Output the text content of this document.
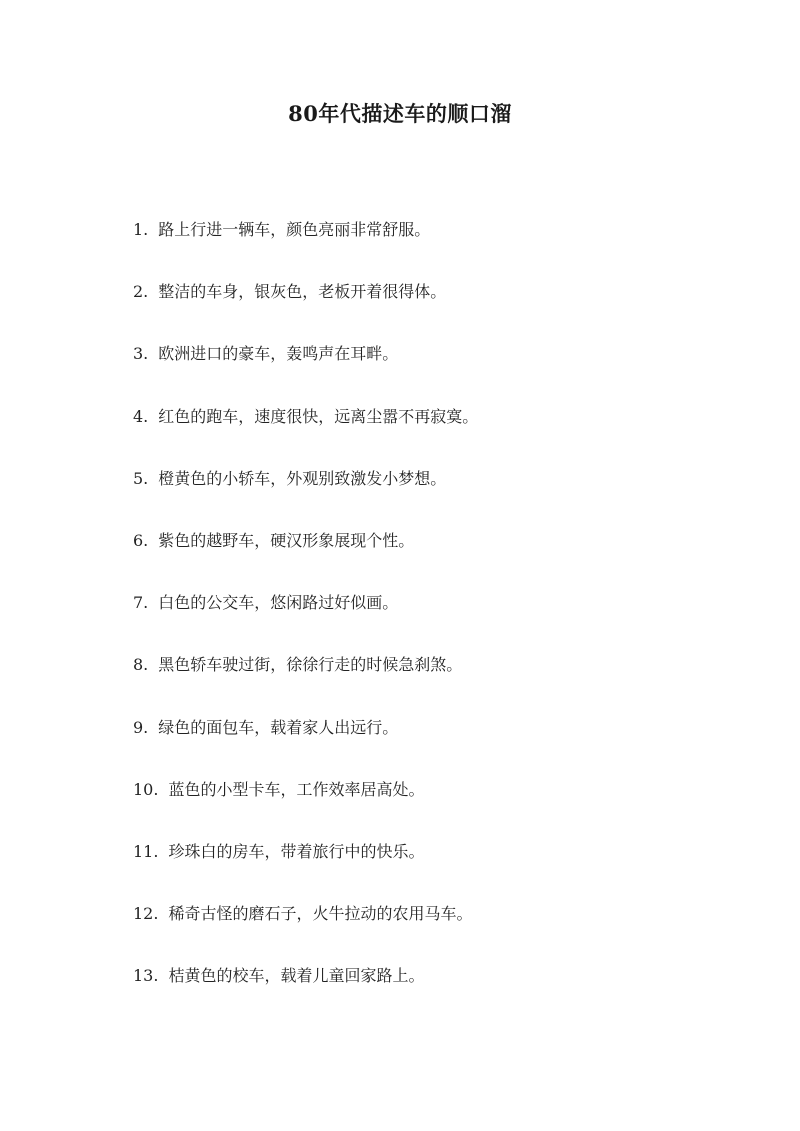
80年代描述车的顺口溜
1. 路上行进一辆车，颜色亮丽非常舒服。
2. 整洁的车身，银灰色，老板开着很得体。
3. 欧洲进口的豪车，轰鸣声在耳畔。
4. 红色的跑车，速度很快，远离尘嚣不再寂寞。
5. 橙黄色的小轿车，外观别致激发小梦想。
6. 紫色的越野车，硬汉形象展现个性。
7. 白色的公交车，悠闲路过好似画。
8. 黑色轿车驶过街，徐徐行走的时候急刹煞。
9. 绿色的面包车，载着家人出远行。
10. 蓝色的小型卡车，工作效率居高处。
11. 珍珠白的房车，带着旅行中的快乐。
12. 稀奇古怪的磨石子，火牛拉动的农用马车。
13. 桔黄色的校车，载着儿童回家路上。
